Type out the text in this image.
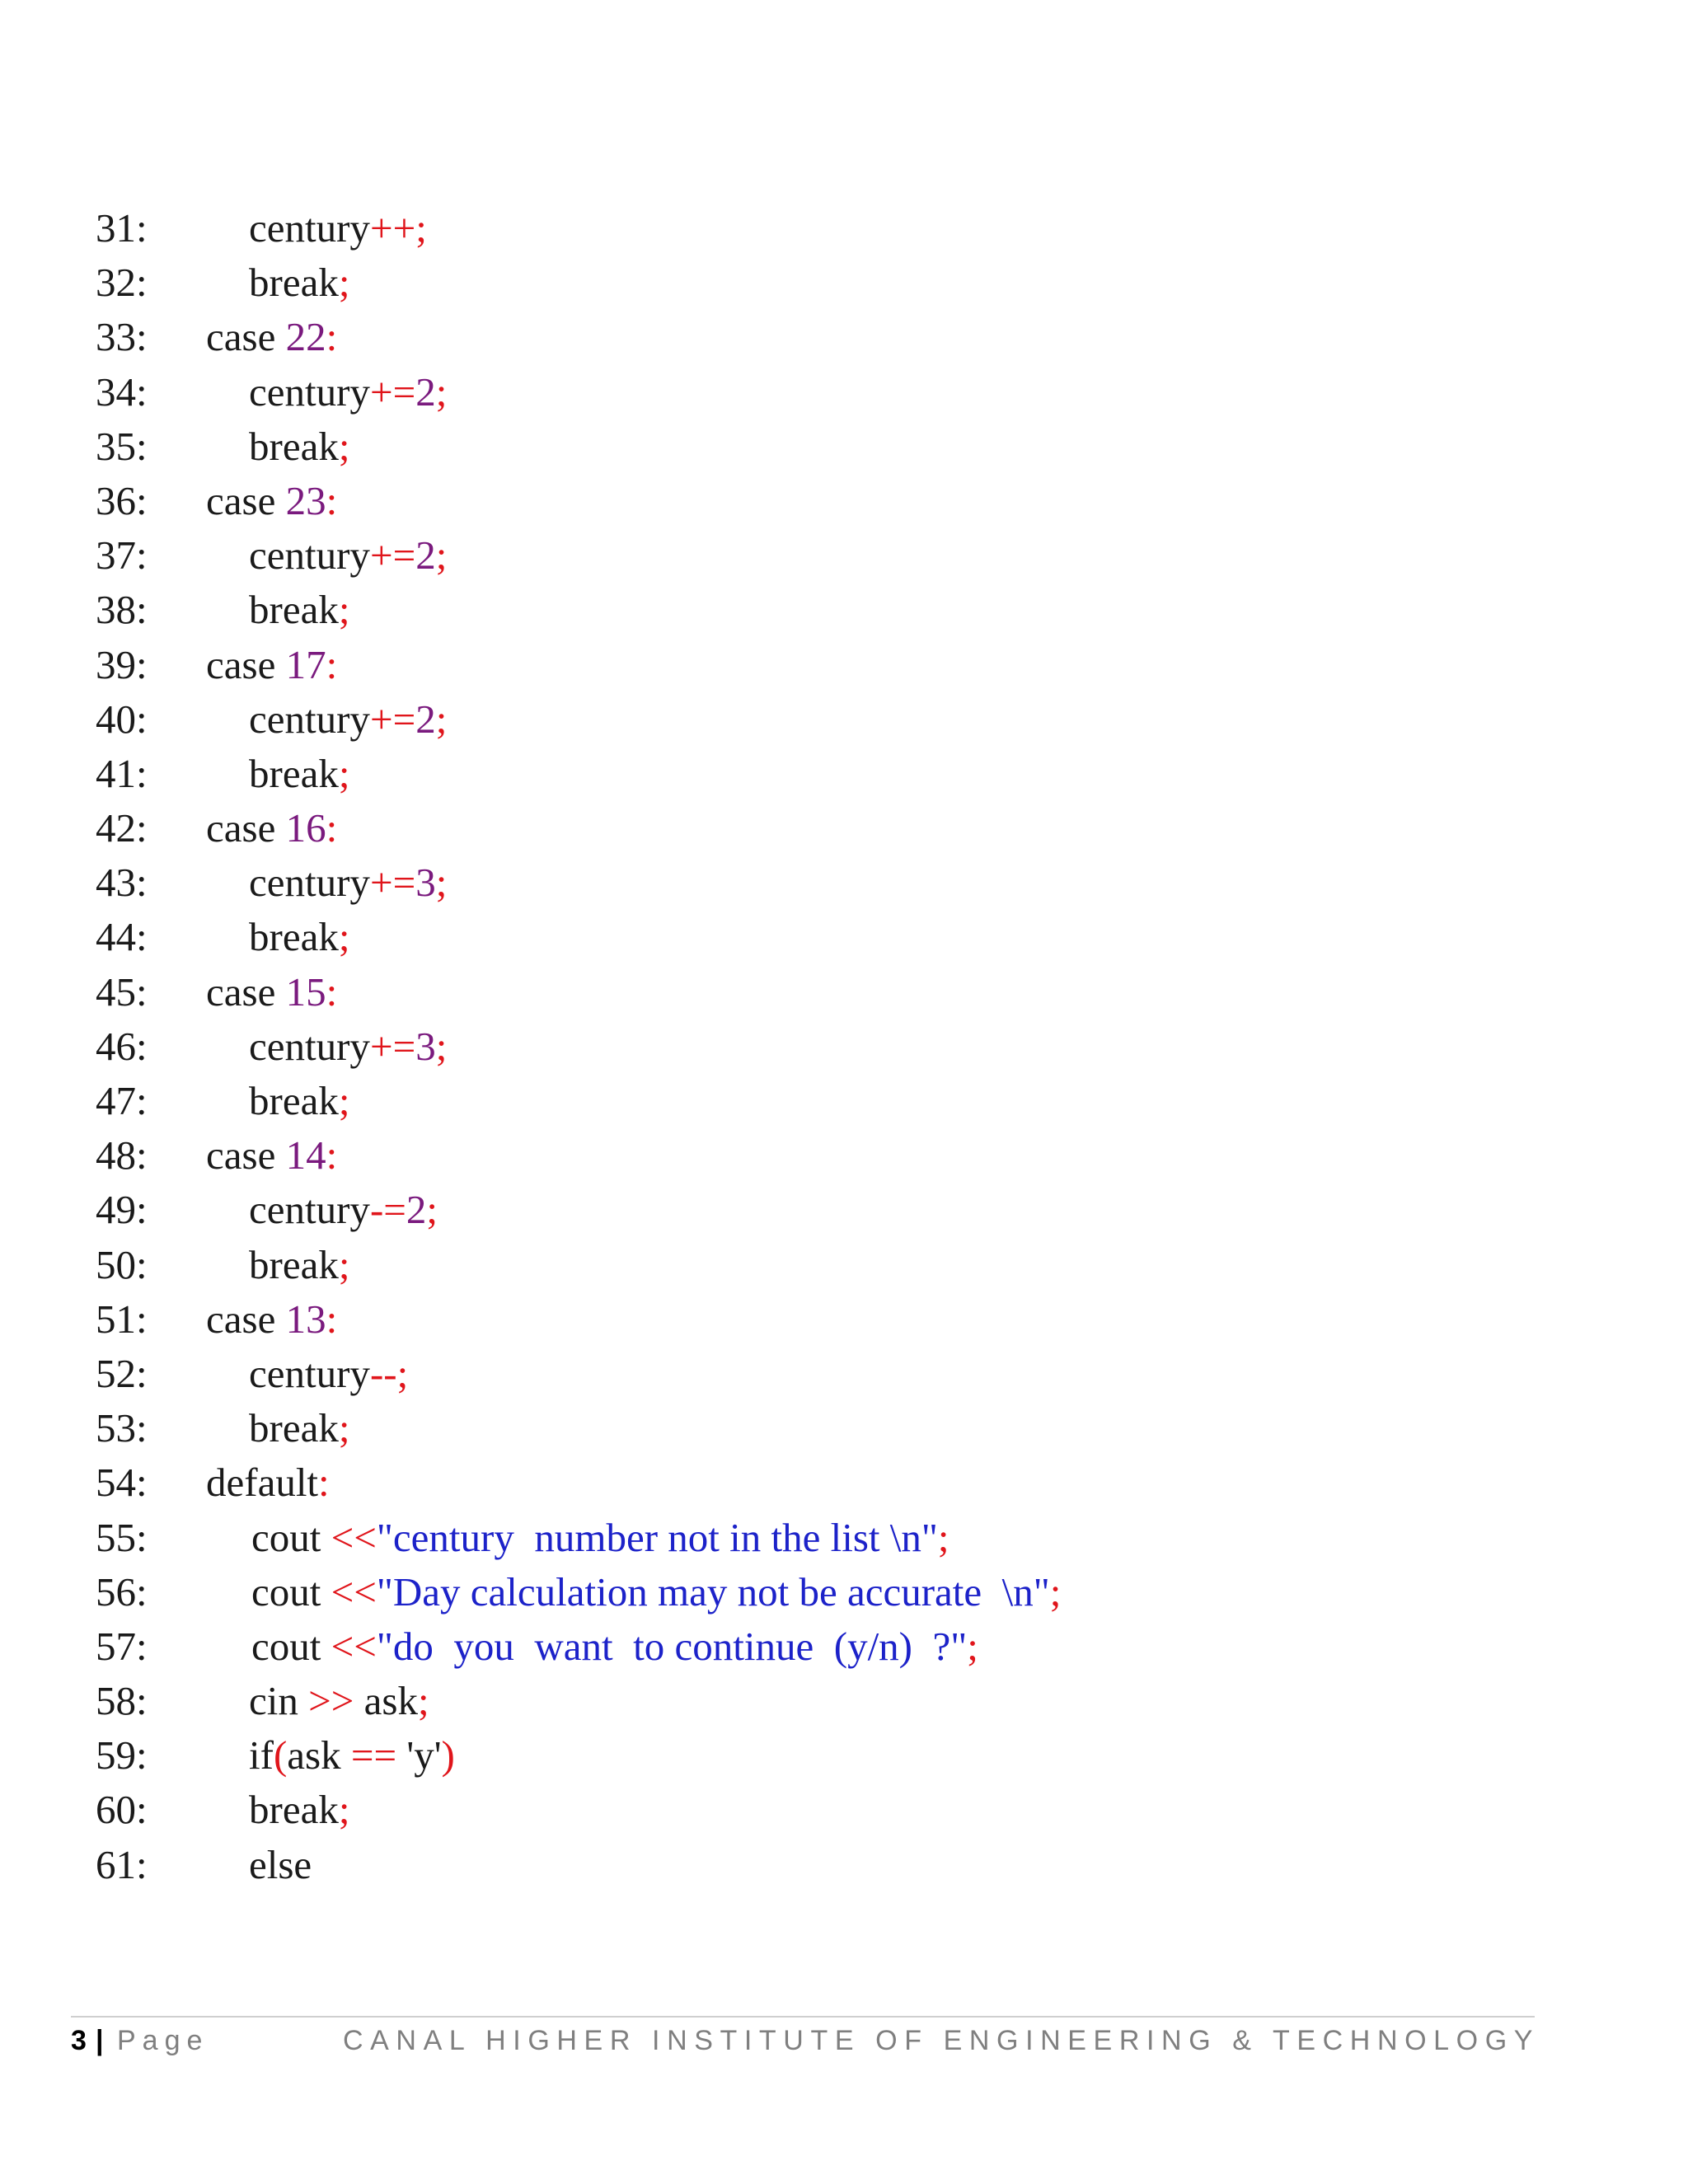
31:	century++;
32:	break;
33:	case 22:
34:	century+=2;
35:	break;
36:	case 23:
37:	century+=2;
38:	break;
39:	case 17:
40:	century+=2;
41:	break;
42:	case 16:
43:	century+=3;
44:	break;
45:	case 15:
46:	century+=3;
47:	break;
48:	case 14:
49:	century-=2;
50:	break;
51:	case 13:
52:	century--;
53:	break;
54:	default:
55:	cout <<"century  number not in the list \n";
56:	cout <<"Day calculation may not be accurate  \n";
57:	cout <<"do  you  want  to continue  (y/n)  ?";
58:	cin >> ask;
59:	if(ask == 'y')
60:	break;
61:	else
3 | Page	CANAL HIGHER INSTITUTE OF ENGINEERING & TECHNOLOGY
